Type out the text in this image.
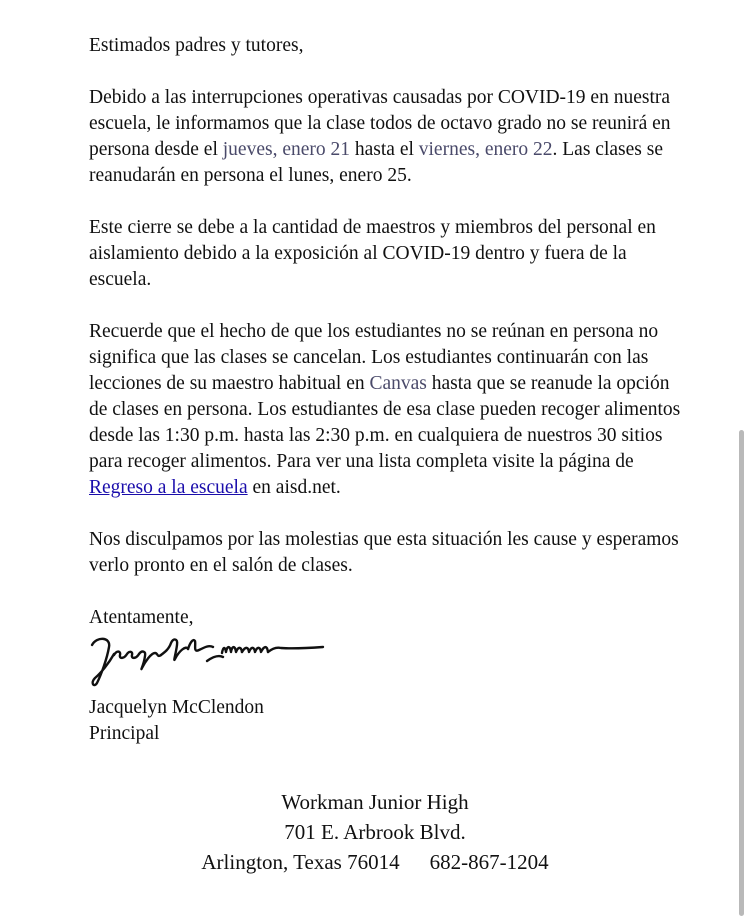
Estimados padres y tutores,

Debido a las interrupciones operativas causadas por COVID-19 en nuestra escuela, le informamos que la clase todos de octavo grado no se reunirá en persona desde el jueves, enero 21 hasta el viernes, enero 22. Las clases se reanudarán en persona el lunes, enero 25.

Este cierre se debe a la cantidad de maestros y miembros del personal en aislamiento debido a la exposición al COVID-19 dentro y fuera de la escuela.

Recuerde que el hecho de que los estudiantes no se reúnan en persona no significa que las clases se cancelan. Los estudiantes continuarán con las lecciones de su maestro habitual en Canvas hasta que se reanude la opción de clases en persona. Los estudiantes de esa clase pueden recoger alimentos desde las 1:30 p.m. hasta las 2:30 p.m. en cualquiera de nuestros 30 sitios para recoger alimentos. Para ver una lista completa visite la página de Regreso a la escuela en aisd.net.

Nos disculpamos por las molestias que esta situación les cause y esperamos verlo pronto en el salón de clases.

Atentamente,

Jacquelyn McClendon

Principal

Workman Junior High
701 E. Arbrook Blvd.
Arlington, Texas 76014 682-867-1204
